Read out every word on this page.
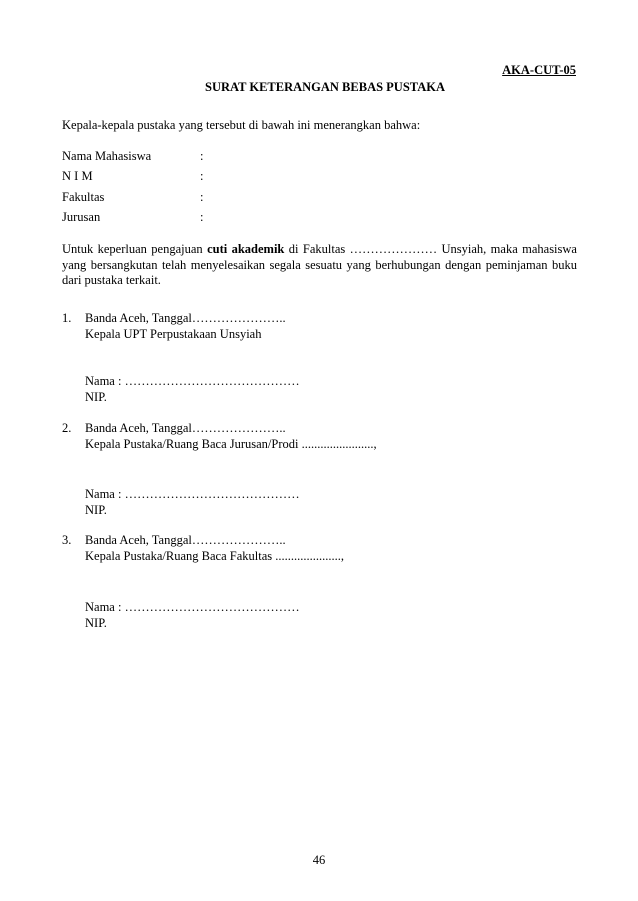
AKA-CUT-05
SURAT KETERANGAN BEBAS PUSTAKA
Kepala-kepala pustaka yang tersebut di bawah ini menerangkan bahwa:
Nama Mahasiswa	:
N I M	:
Fakultas	:
Jurusan	:
Untuk keperluan pengajuan cuti akademik di Fakultas ………………… Unsyiah, maka mahasiswa yang bersangkutan telah menyelesaikan segala sesuatu yang berhubungan dengan peminjaman buku dari pustaka terkait.
1. Banda Aceh, Tanggal…………………..
Kepala UPT Perpustakaan Unsyiah
Nama : ……………………………………
NIP.
2. Banda Aceh, Tanggal…………………..
Kepala Pustaka/Ruang Baca Jurusan/Prodi .......................,
Nama : ……………………………………
NIP.
3. Banda Aceh, Tanggal…………………..
Kepala Pustaka/Ruang Baca Fakultas .....................,
Nama : ……………………………………
NIP.
46
